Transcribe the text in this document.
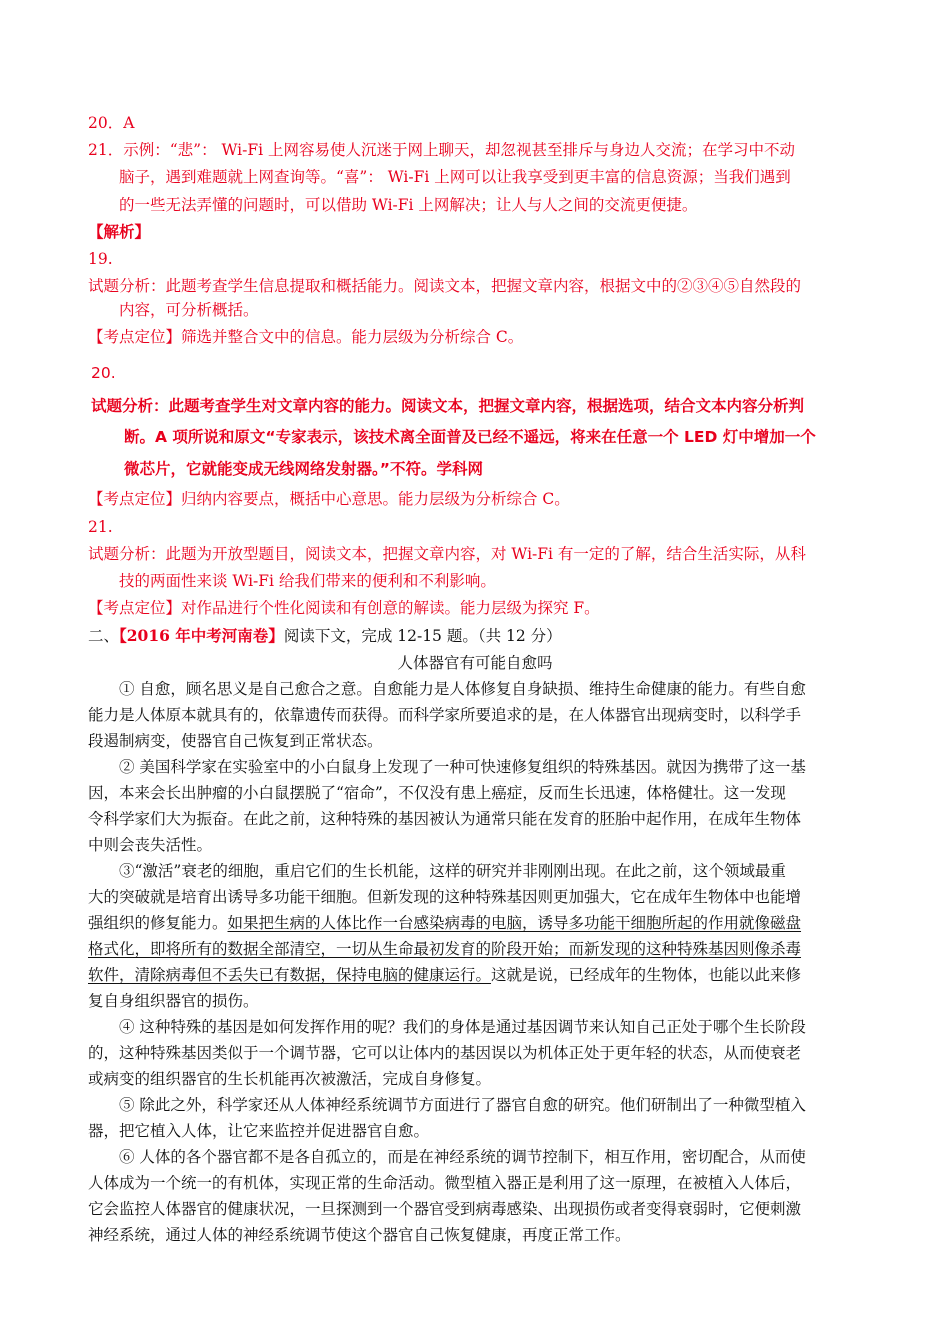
20．A
21．示例：“悲”： Wi-Fi 上网容易使人沉迷于网上聊天，却忽视甚至排斥与身边人交流；在学习中不动
脑子，遇到难题就上网查询等。“喜”： Wi-Fi 上网可以让我享受到更丰富的信息资源；当我们遇到
的一些无法弄懂的问题时，可以借助 Wi-Fi 上网解决；让人与人之间的交流更便捷。
【解析】
19.
试题分析：此题考查学生信息提取和概括能力。阅读文本，把握文章内容，根据文中的②③④⑤自然段的
内容，可分析概括。
【考点定位】筛选并整合文中的信息。能力层级为分析综合 C。
20.
试题分析：此题考查学生对文章内容的能力。阅读文本，把握文章内容，根据选项，结合文本内容分析判
断。A 项所说和原文“专家表示，该技术离全面普及已经不遥远，将来在任意一个 LED 灯中增加一个
微芯片，它就能变成无线网络发射器。”不符。学科网
【考点定位】归纳内容要点，概括中心意思。能力层级为分析综合 C。
21.
试题分析：此题为开放型题目，阅读文本，把握文章内容，对 Wi-Fi 有一定的了解，结合生活实际，从科
技的两面性来谈 Wi-Fi 给我们带来的便利和不利影响。
【考点定位】对作品进行个性化阅读和有创意的解读。能力层级为探究 F。
二、【2016 年中考河南卷】阅读下文，完成 12-15 题。（共 12 分）
人体器官有可能自愈吗
① 自愈，顾名思义是自己愈合之意。自愈能力是人体修复自身缺损、维持生命健康的能力。有些自愈
能力是人体原本就具有的，依靠遗传而获得。而科学家所要追求的是，在人体器官出现病变时，以科学手
段遏制病变，使器官自己恢复到正常状态。
② 美国科学家在实验室中的小白鼠身上发现了一种可快速修复组织的特殊基因。就因为携带了这一基
因，本来会长出肿瘤的小白鼠摆脱了“宿命”，不仅没有患上癌症，反而生长迅速，体格健壮。这一发现
令科学家们大为振奋。在此之前，这种特殊的基因被认为通常只能在发育的胚胎中起作用，在成年生物体
中则会丧失活性。
③“激活”衰老的细胞，重启它们的生长机能，这样的研究并非刚刚出现。在此之前，这个领域最重
大的突破就是培育出诱导多功能干细胞。但新发现的这种特殊基因则更加强大，它在成年生物体中也能增
强组织的修复能力。如果把生病的人体比作一台感染病毒的电脑，诱导多功能干细胞所起的作用就像磁盘
格式化，即将所有的数据全部清空，一切从生命最初发育的阶段开始；而新发现的这种特殊基因则像杀毒
软件，清除病毒但不丢失已有数据，保持电脑的健康运行。这就是说，已经成年的生物体，也能以此来修
复自身组织器官的损伤。
④ 这种特殊的基因是如何发挥作用的呢？我们的身体是通过基因调节来认知自己正处于哪个生长阶段
的，这种特殊基因类似于一个调节器，它可以让体内的基因误以为机体正处于更年轻的状态，从而使衰老
或病变的组织器官的生长机能再次被激活，完成自身修复。
⑤ 除此之外，科学家还从人体神经系统调节方面进行了器官自愈的研究。他们研制出了一种微型植入
器，把它植入人体，让它来监控并促进器官自愈。
⑥ 人体的各个器官都不是各自孤立的，而是在神经系统的调节控制下，相互作用，密切配合，从而使
人体成为一个统一的有机体，实现正常的生命活动。微型植入器正是利用了这一原理，在被植入人体后，
它会监控人体器官的健康状况，一旦探测到一个器官受到病毒感染、出现损伤或者变得衰弱时，它便刺激
神经系统，通过人体的神经系统调节使这个器官自己恢复健康，再度正常工作。
